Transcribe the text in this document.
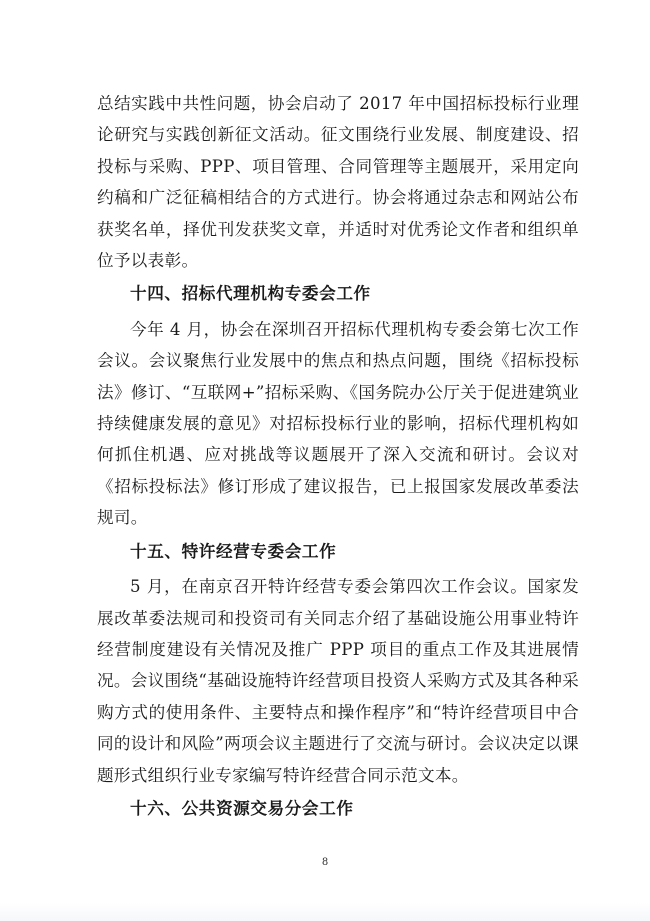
总结实践中共性问题，协会启动了 2017 年中国招标投标行业理论研究与实践创新征文活动。征文围绕行业发展、制度建设、招投标与采购、PPP、项目管理、合同管理等主题展开，采用定向约稿和广泛征稿相结合的方式进行。协会将通过杂志和网站公布获奖名单，择优刊发获奖文章，并适时对优秀论文作者和组织单位予以表彰。

十四、招标代理机构专委会工作

今年 4 月，协会在深圳召开招标代理机构专委会第七次工作会议。会议聚焦行业发展中的焦点和热点问题，围绕《招标投标法》修订、“互联网+”招标采购、《国务院办公厅关于促进建筑业持续健康发展的意见》对招标投标行业的影响，招标代理机构如何抓住机遇、应对挑战等议题展开了深入交流和研讨。会议对《招标投标法》修订形成了建议报告，已上报国家发展改革委法规司。

十五、特许经营专委会工作

5 月，在南京召开特许经营专委会第四次工作会议。国家发展改革委法规司和投资司有关同志介绍了基础设施公用事业特许经营制度建设有关情况及推广 PPP 项目的重点工作及其进展情况。会议围绕“基础设施特许经营项目投资人采购方式及其各种采购方式的使用条件、主要特点和操作程序”和“特许经营项目中合同的设计和风险”两项会议主题进行了交流与研讨。会议决定以课题形式组织行业专家编写特许经营合同示范文本。

十六、公共资源交易分会工作

8
